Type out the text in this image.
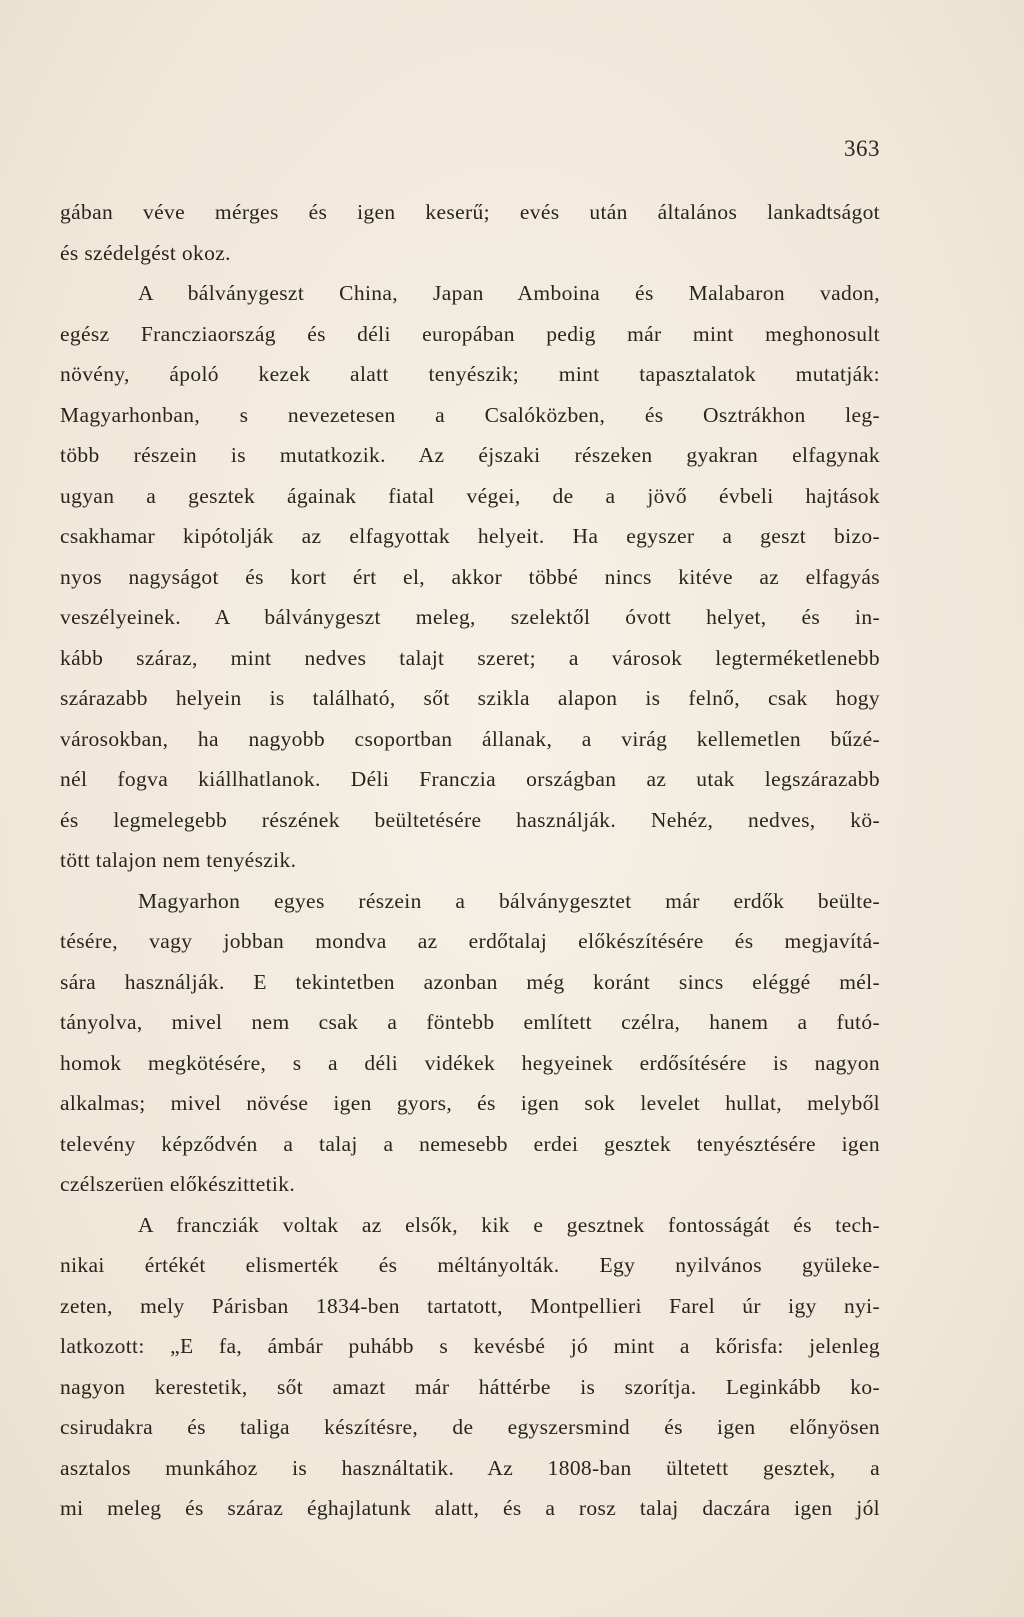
363
gában véve mérges és igen keserű; evés után általános lankadtságot
és szédelgést okoz.
A bálványgeszt China, Japan Amboina és Malabaron vadon,
egész Francziaország és déli europában pedig már mint meghonosult
növény, ápoló kezek alatt tenyészik; mint tapasztalatok mutatják:
Magyarhonban, s nevezetesen a Csalóközben, és Osztrákhon leg-
több részein is mutatkozik. Az éjszaki részeken gyakran elfagynak
ugyan a gesztek ágainak fiatal végei, de a jövő évbeli hajtások
csakhamar kipótolják az elfagyottak helyeit. Ha egyszer a geszt bizo-
nyos nagyságot és kort ért el, akkor többé nincs kitéve az elfagyás
veszélyeinek. A bálványgeszt meleg, szelektől óvott helyet, és in-
kább száraz, mint nedves talajt szeret; a városok legterméketlenebb
szárazabb helyein is található, sőt szikla alapon is felnő, csak hogy
városokban, ha nagyobb csoportban állanak, a virág kellemetlen bűzé-
nél fogva kiállhatlanok. Déli Franczia országban az utak legszárazabb
és legmelegebb részének beültetésére használják. Nehéz, nedves, kö-
tött talajon nem tenyészik.
Magyarhon egyes részein a bálványgesztet már erdők beülte-
tésére, vagy jobban mondva az erdőtalaj előkészítésére és megjavítá-
sára használják. E tekintetben azonban még koránt sincs eléggé mél-
tányolva, mivel nem csak a föntebb említett czélra, hanem a futó-
homok megkötésére, s a déli vidékek hegyeinek erdősítésére is nagyon
alkalmas; mivel növése igen gyors, és igen sok levelet hullat, melyből
televény képződvén a talaj a nemesebb erdei gesztek tenyésztésére igen
czélszerüen előkészittetik.
A francziák voltak az elsők, kik e gesztnek fontosságát és tech-
nikai értékét elismerték és méltányolták. Egy nyilvános gyüleke-
zeten, mely Párisban 1834-ben tartatott, Montpellieri Farel úr igy nyi-
latkozott: „E fa, ámbár puhább s kevésbé jó mint a kőrisfa: jelenleg
nagyon kerestetik, sőt amazt már háttérbe is szorítja. Leginkább ko-
csirudakra és taliga készítésre, de egyszersmind és igen előnyösen
asztalos munkához is használtatik. Az 1808-ban ültetett gesztek, a
mi meleg és száraz éghajlatunk alatt, és a rosz talaj daczára igen jól
